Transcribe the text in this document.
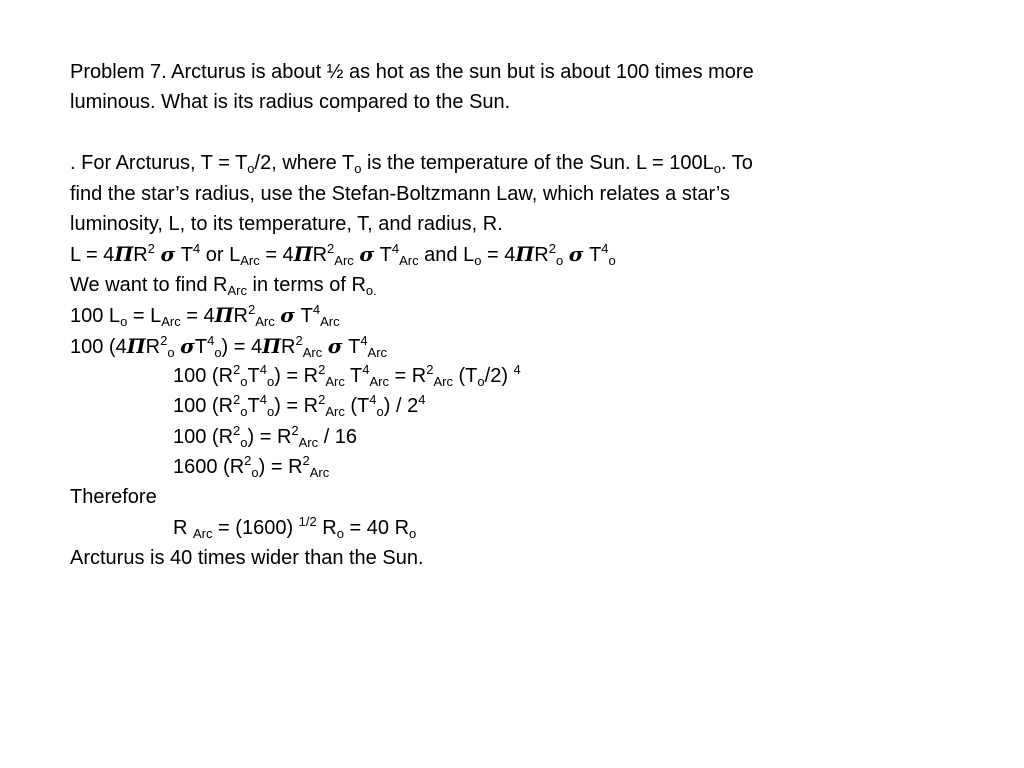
Problem 7. Arcturus is about ½ as hot as the sun but is about 100 times more
luminous. What is its radius compared to the Sun.
. For Arcturus, $T = T_o/2$, where $T_o$ is the temperature of the Sun. $L = 100L_o$. To
find the star’s radius, use the Stefan-Boltzmann Law, which relates a star’s
luminosity, L, to its temperature, T, and radius, R.
$L = 4\Pi R^2$ σ $T^4$ or $L_{Arc} = 4\Pi R^2_{Arc}$ σ $T^4_{Arc}$ and $L_o = 4\Pi R^2_o$ σ $T^4_o$
We want to find $R_{Arc}$ in terms of $R_{o.}$
100 $L_o = L_{Arc} = 4\Pi R^2_{Arc}$ σ $T^4_{Arc}$
100 ($4\Pi R^2_o$ $\sigma T^4_o) = 4\Pi R^2_{Arc}$ σ $T^4_{Arc}$
100 $(R^2_oT^4_o) = R^2_{Arc}$ $T^4_{Arc} = R^2_{Arc}$ $(T_o/2)$ $^4$
100 $(R^2_oT^4_o) = R^2_{Arc}$ $(T^4_o) / 2^4$
100 $(R^2_o) = R^2_{Arc} / 16$
1600 $(R^2_o) = R^2_{Arc}$
Therefore
R $_{Arc}$ = (1600) $^{1/2}$ $R_o = 40$ $R_o$
Arcturus is 40 times wider than the Sun.
